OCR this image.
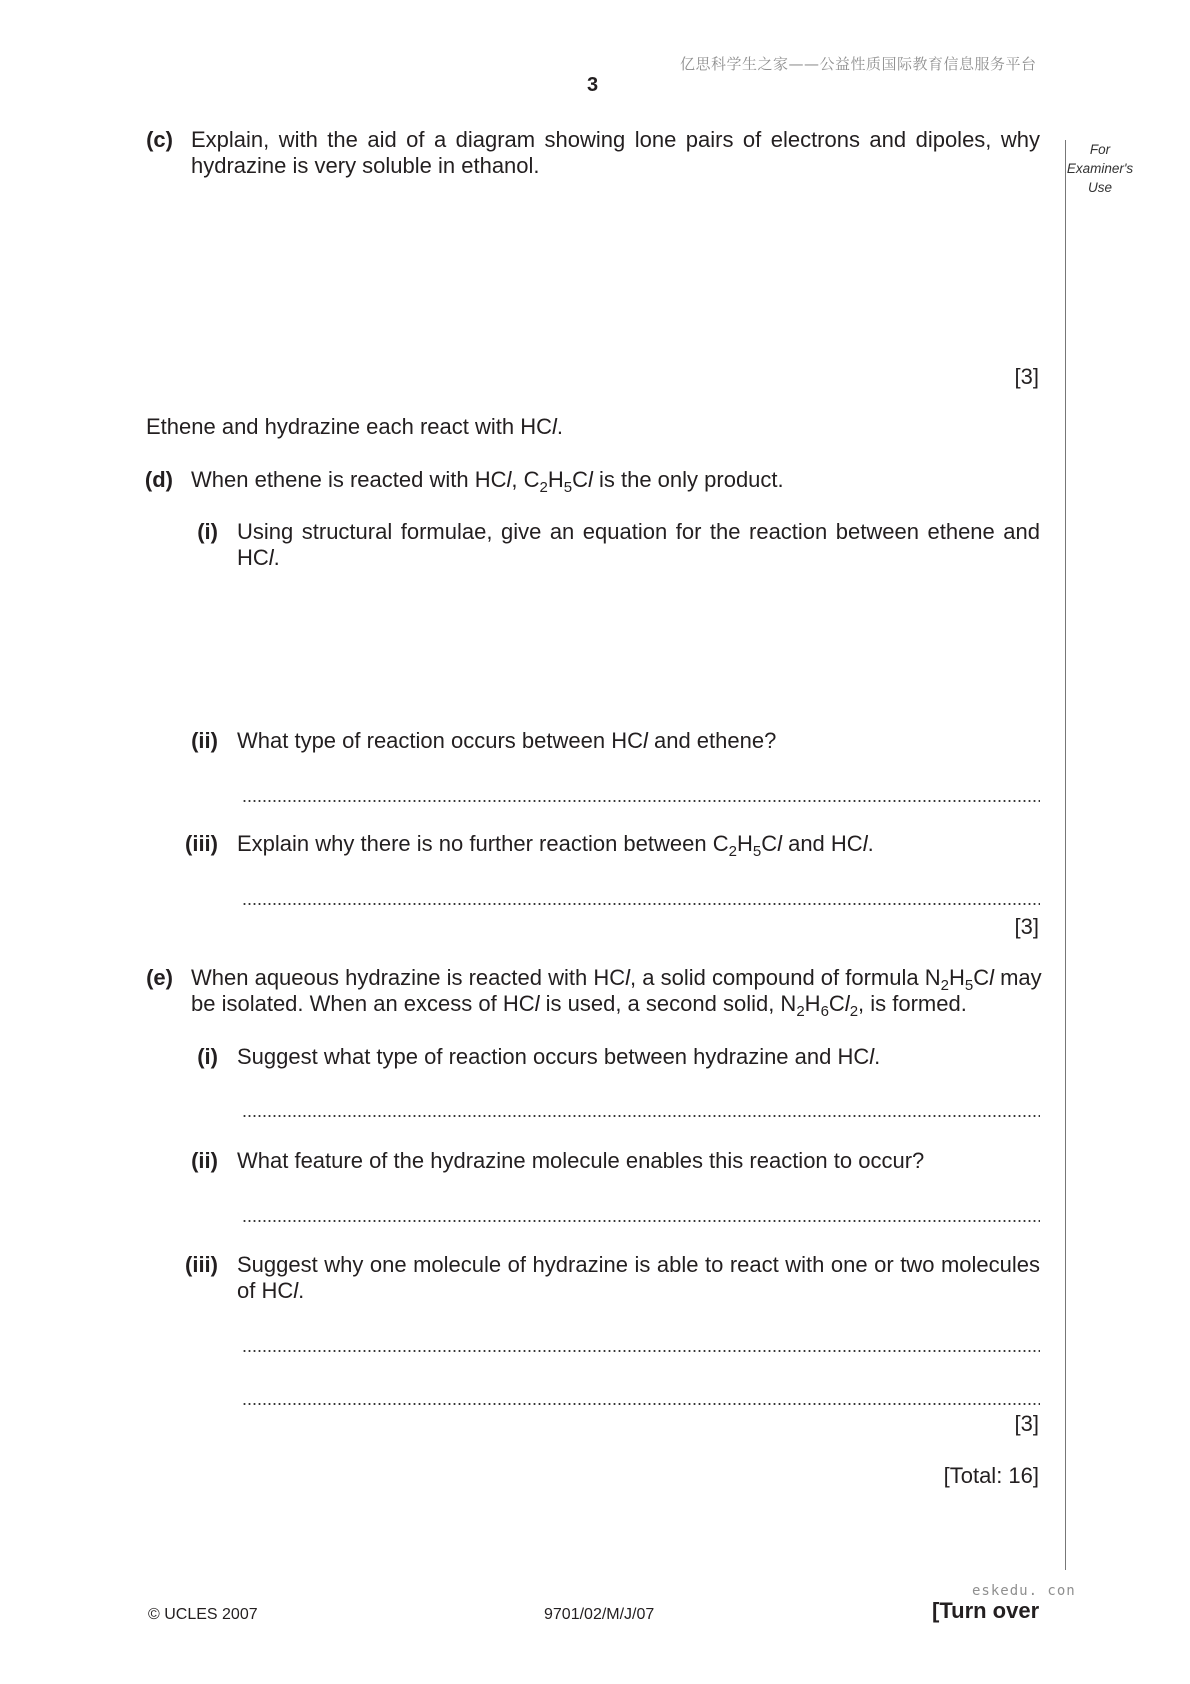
亿思科学生之家——公益性质国际教育信息服务平台
3
For
Examiner's
Use
(c) Explain, with the aid of a diagram showing lone pairs of electrons and dipoles, why
hydrazine is very soluble in ethanol.
[3]
Ethene and hydrazine each react with HCl.
(d) When ethene is reacted with HCl, $C_2H_5Cl$ is the only product.
(i) Using structural formulae, give an equation for the reaction between ethene and
HCl.
(ii) What type of reaction occurs between HCl and ethene?
(iii) Explain why there is no further reaction between $C_2H_5Cl$ and HCl.
[3]
(e) When aqueous hydrazine is reacted with HCl, a solid compound of formula $N_2H_5Cl$ may
be isolated. When an excess of HCl is used, a second solid, $N_2H_6Cl_2$, is formed.
(i) Suggest what type of reaction occurs between hydrazine and HCl.
(ii) What feature of the hydrazine molecule enables this reaction to occur?
(iii) Suggest why one molecule of hydrazine is able to react with one or two molecules
of HCl.
[3]
[Total: 16]
eskedu. con
© UCLES 2007	9701/02/M/J/07	[Turn over
